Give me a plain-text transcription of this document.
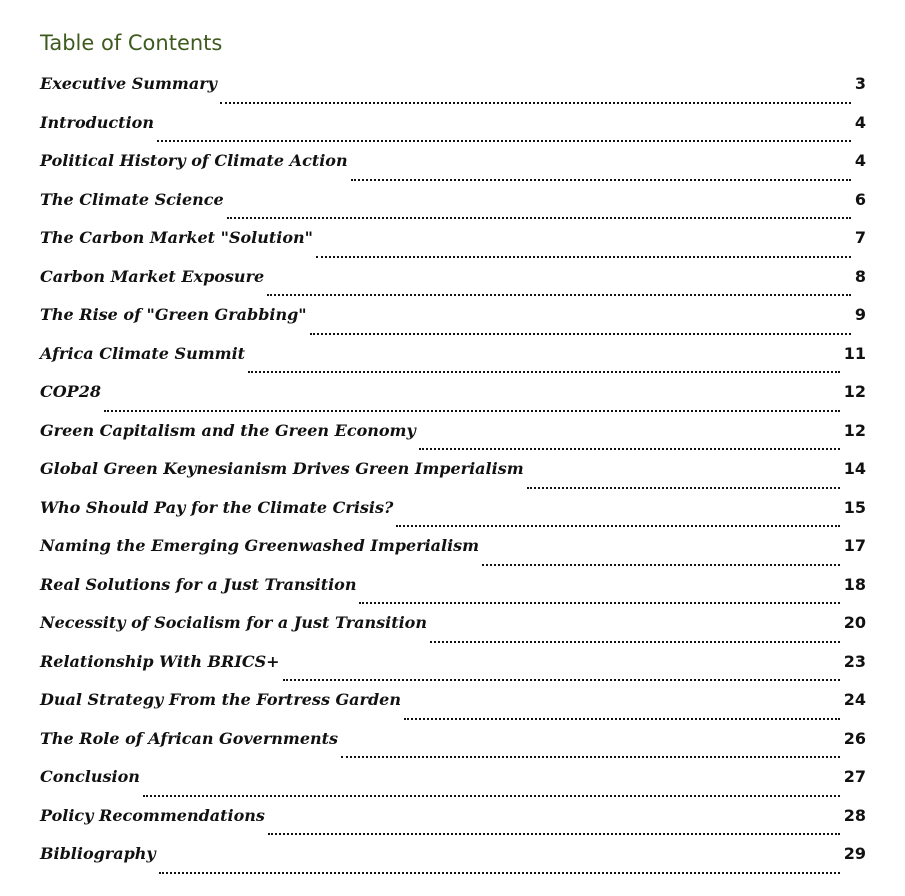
Table of Contents
Executive Summary	3
Introduction	4
Political History of Climate Action	4
The Climate Science	6
The Carbon Market "Solution"	7
Carbon Market Exposure	8
The Rise of "Green Grabbing"	9
Africa Climate Summit	11
COP28	12
Green Capitalism and the Green Economy	12
Global Green Keynesianism Drives Green Imperialism	14
Who Should Pay for the Climate Crisis?	15
Naming the Emerging Greenwashed Imperialism	17
Real Solutions for a Just Transition	18
Necessity of Socialism for a Just Transition	20
Relationship With BRICS+	23
Dual Strategy From the Fortress Garden	24
The Role of African Governments	26
Conclusion	27
Policy Recommendations	28
Bibliography	29
